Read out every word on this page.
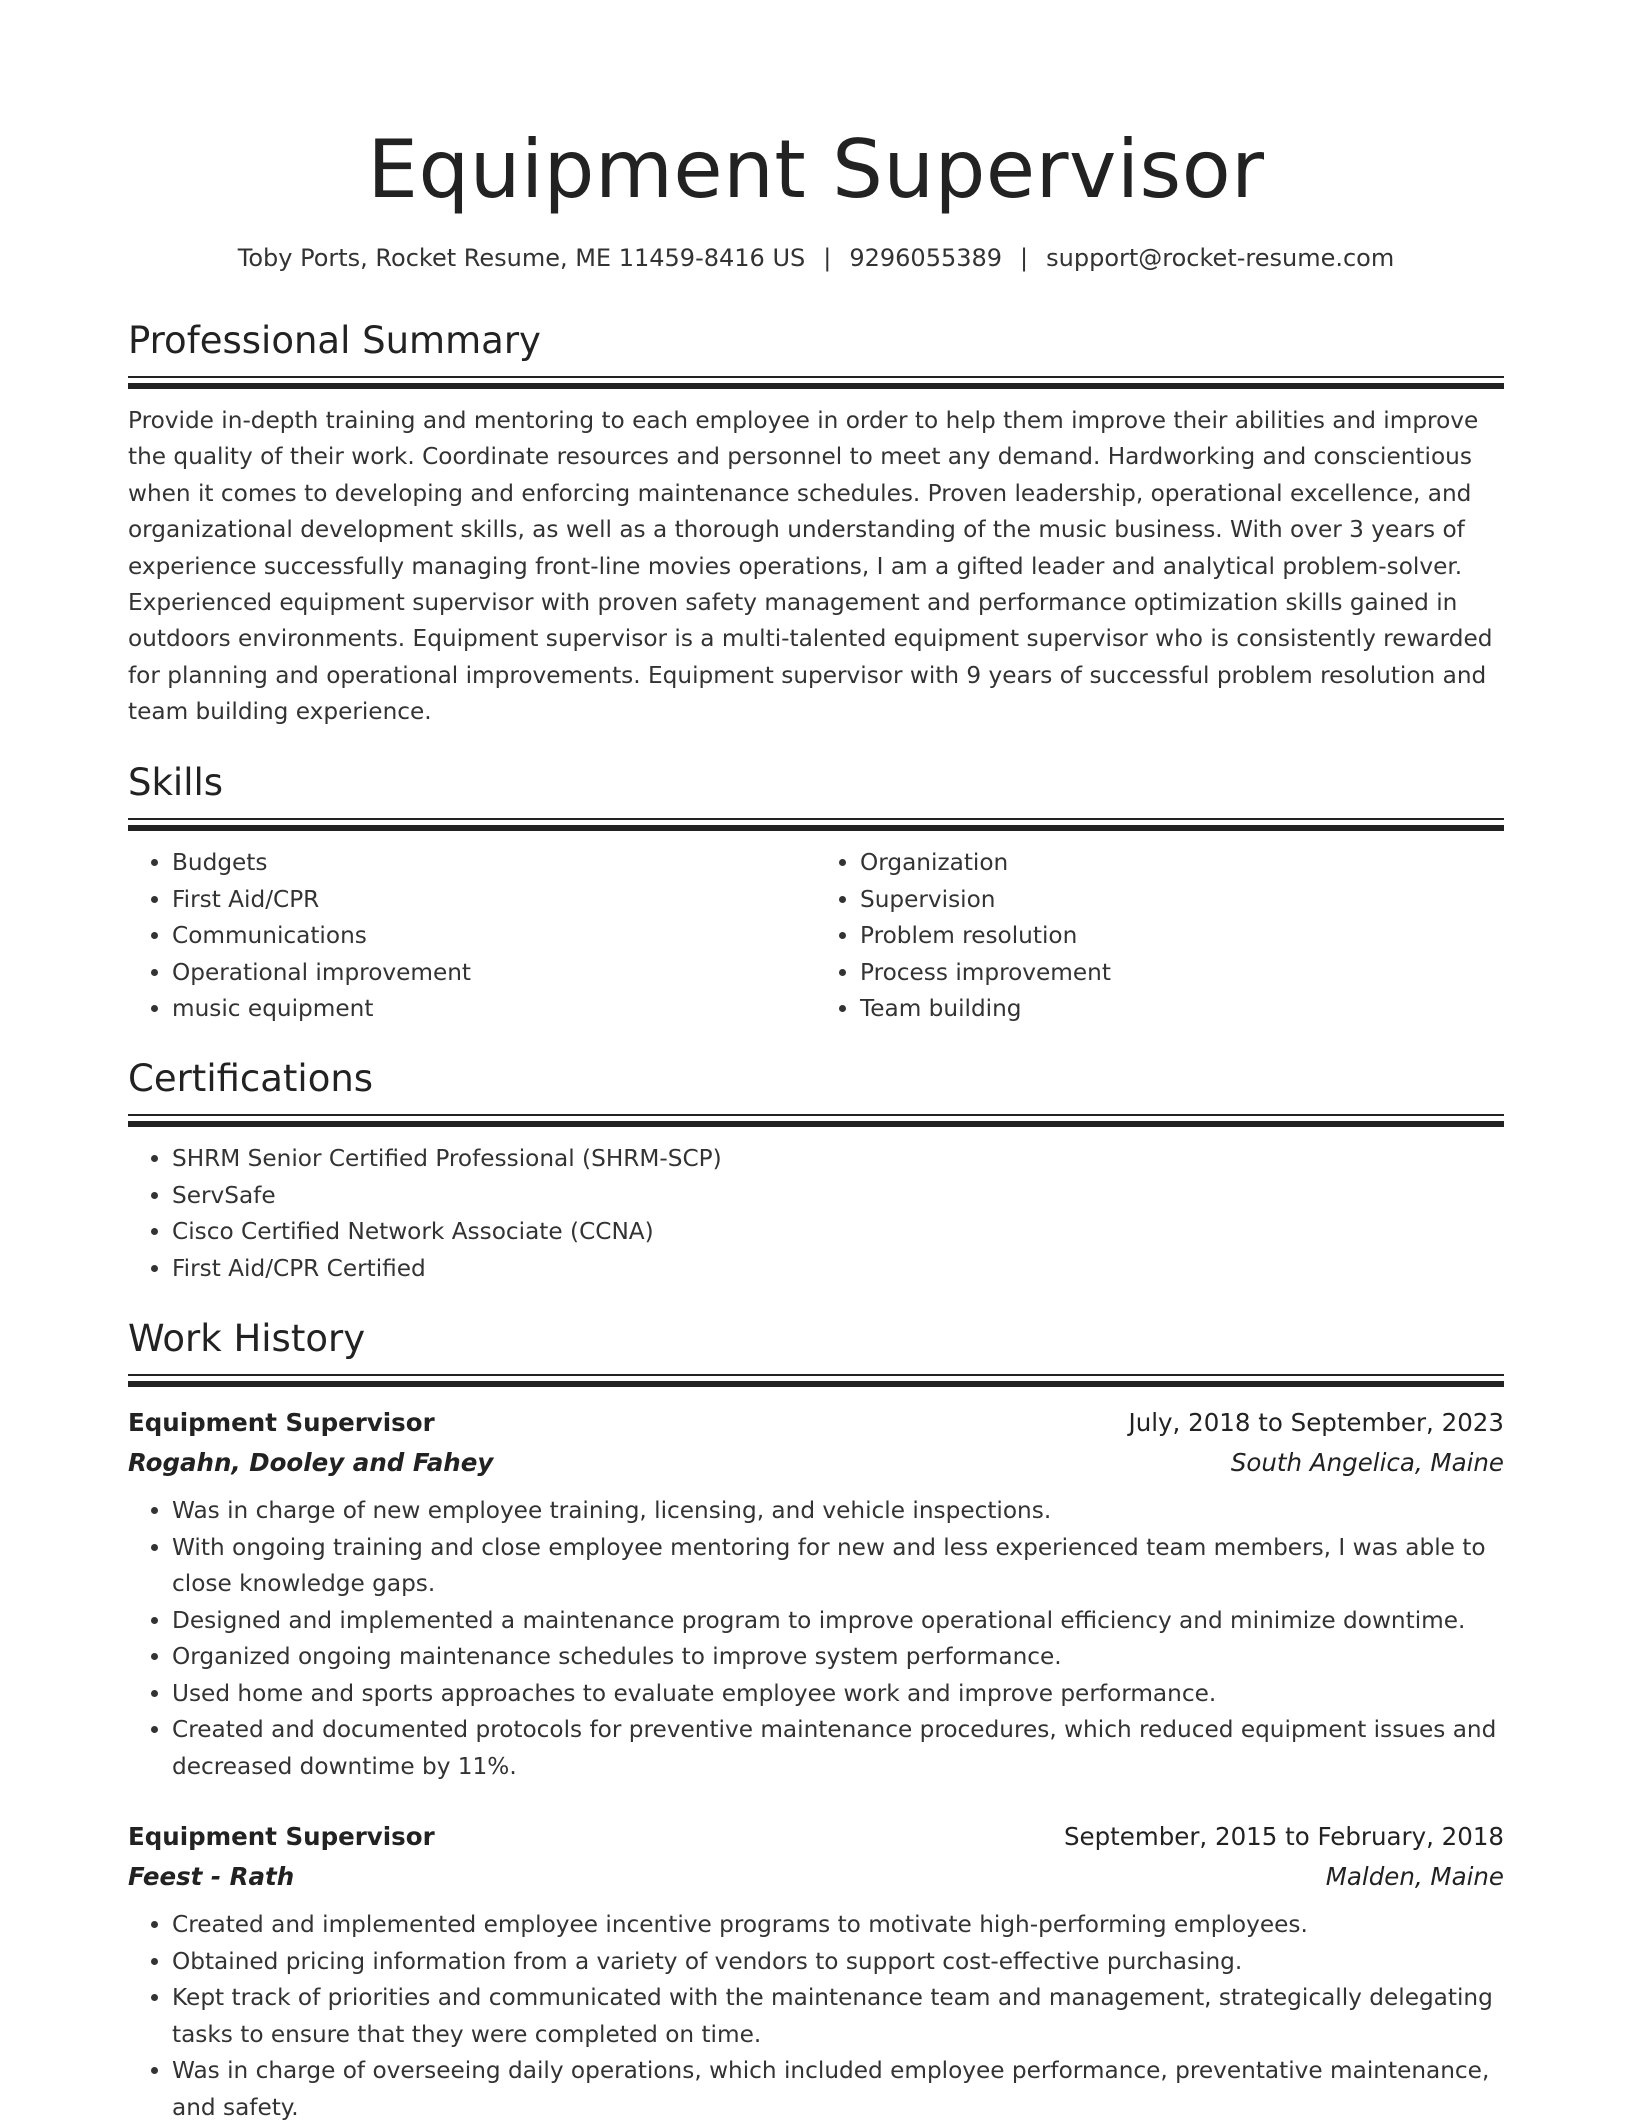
Equipment Supervisor
Toby Ports, Rocket Resume, ME 11459-8416 US | 9296055389 | support@rocket-resume.com
Professional Summary
Provide in-depth training and mentoring to each employee in order to help them improve their abilities and improve the quality of their work. Coordinate resources and personnel to meet any demand. Hardworking and conscientious when it comes to developing and enforcing maintenance schedules. Proven leadership, operational excellence, and organizational development skills, as well as a thorough understanding of the music business. With over 3 years of experience successfully managing front-line movies operations, I am a gifted leader and analytical problem-solver. Experienced equipment supervisor with proven safety management and performance optimization skills gained in outdoors environments. Equipment supervisor is a multi-talented equipment supervisor who is consistently rewarded for planning and operational improvements. Equipment supervisor with 9 years of successful problem resolution and team building experience.
Skills
• Budgets
• First Aid/CPR
• Communications
• Operational improvement
• music equipment
• Organization
• Supervision
• Problem resolution
• Process improvement
• Team building
Certifications
• SHRM Senior Certified Professional (SHRM-SCP)
• ServSafe
• Cisco Certified Network Associate (CCNA)
• First Aid/CPR Certified
Work History
Equipment Supervisor	July, 2018 to September, 2023
Rogahn, Dooley and Fahey	South Angelica, Maine
• Was in charge of new employee training, licensing, and vehicle inspections.
• With ongoing training and close employee mentoring for new and less experienced team members, I was able to close knowledge gaps.
• Designed and implemented a maintenance program to improve operational efficiency and minimize downtime.
• Organized ongoing maintenance schedules to improve system performance.
• Used home and sports approaches to evaluate employee work and improve performance.
• Created and documented protocols for preventive maintenance procedures, which reduced equipment issues and decreased downtime by 11%.
Equipment Supervisor	September, 2015 to February, 2018
Feest - Rath	Malden, Maine
• Created and implemented employee incentive programs to motivate high-performing employees.
• Obtained pricing information from a variety of vendors to support cost-effective purchasing.
• Kept track of priorities and communicated with the maintenance team and management, strategically delegating tasks to ensure that they were completed on time.
• Was in charge of overseeing daily operations, which included employee performance, preventative maintenance, and safety.
